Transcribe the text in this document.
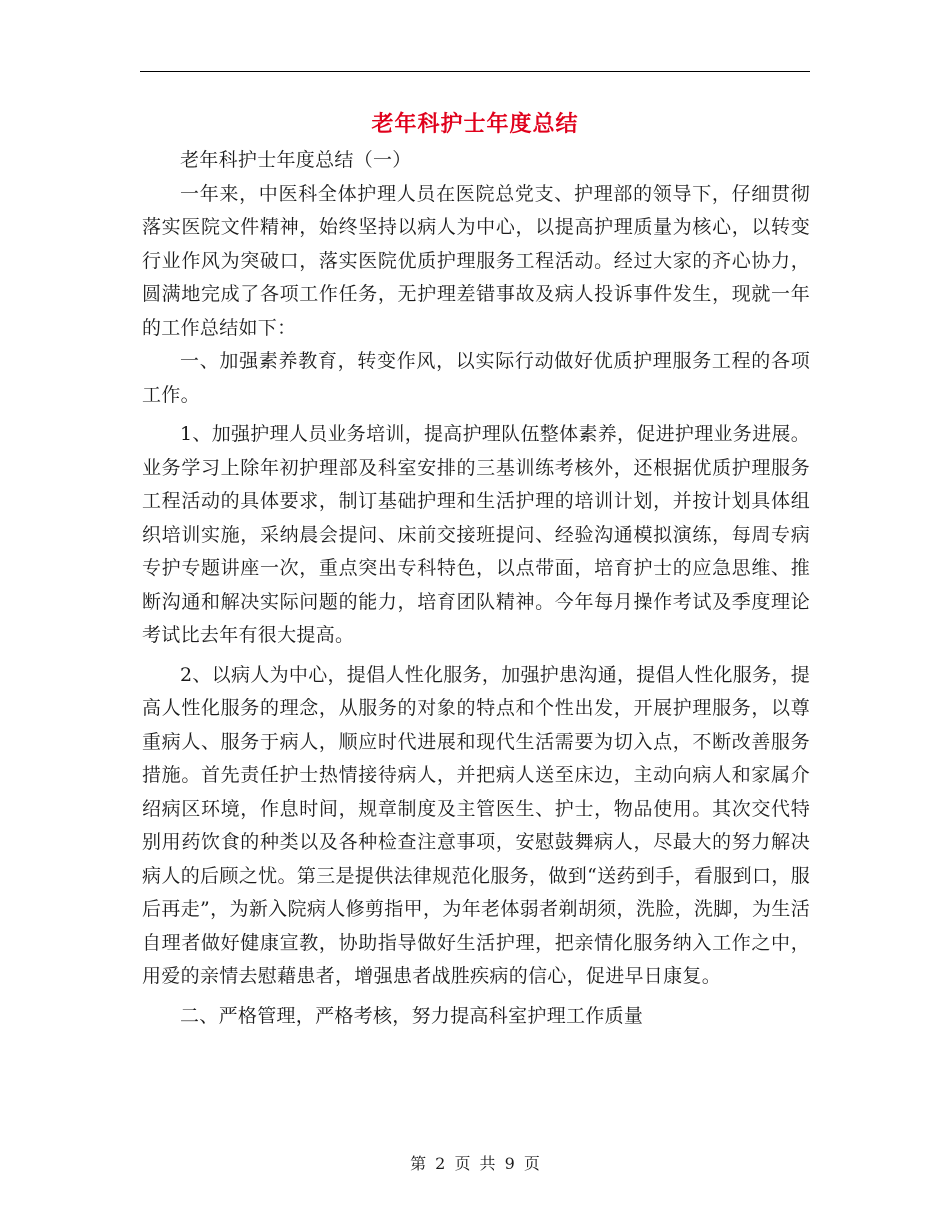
老年科护士年度总结

老年科护士年度总结（一）

一年来，中医科全体护理人员在医院总党支、护理部的领导下，仔细贯彻落实医院文件精神，始终坚持以病人为中心，以提高护理质量为核心，以转变行业作风为突破口，落实医院优质护理服务工程活动。经过大家的齐心协力，圆满地完成了各项工作任务，无护理差错事故及病人投诉事件发生，现就一年的工作总结如下：

一、加强素养教育，转变作风，以实际行动做好优质护理服务工程的各项工作。

1、加强护理人员业务培训，提高护理队伍整体素养，促进护理业务进展。业务学习上除年初护理部及科室安排的三基训练考核外，还根据优质护理服务工程活动的具体要求，制订基础护理和生活护理的培训计划，并按计划具体组织培训实施，采纳晨会提问、床前交接班提问、经验沟通模拟演练，每周专病专护专题讲座一次，重点突出专科特色，以点带面，培育护士的应急思维、推断沟通和解决实际问题的能力，培育团队精神。今年每月操作考试及季度理论考试比去年有很大提高。

2、以病人为中心，提倡人性化服务，加强护患沟通，提倡人性化服务，提高人性化服务的理念，从服务的对象的特点和个性出发，开展护理服务，以尊重病人、服务于病人，顺应时代进展和现代生活需要为切入点，不断改善服务措施。首先责任护士热情接待病人，并把病人送至床边，主动向病人和家属介绍病区环境，作息时间，规章制度及主管医生、护士，物品使用。其次交代特别用药饮食的种类以及各种检查注意事项，安慰鼓舞病人，尽最大的努力解决病人的后顾之忧。第三是提供法律规范化服务，做到“送药到手，看服到口，服后再走”，为新入院病人修剪指甲，为年老体弱者剃胡须，洗脸，洗脚，为生活自理者做好健康宣教，协助指导做好生活护理，把亲情化服务纳入工作之中，用爱的亲情去慰藉患者，增强患者战胜疾病的信心，促进早日康复。

二、严格管理，严格考核，努力提高科室护理工作质量

第 2 页 共 9 页
